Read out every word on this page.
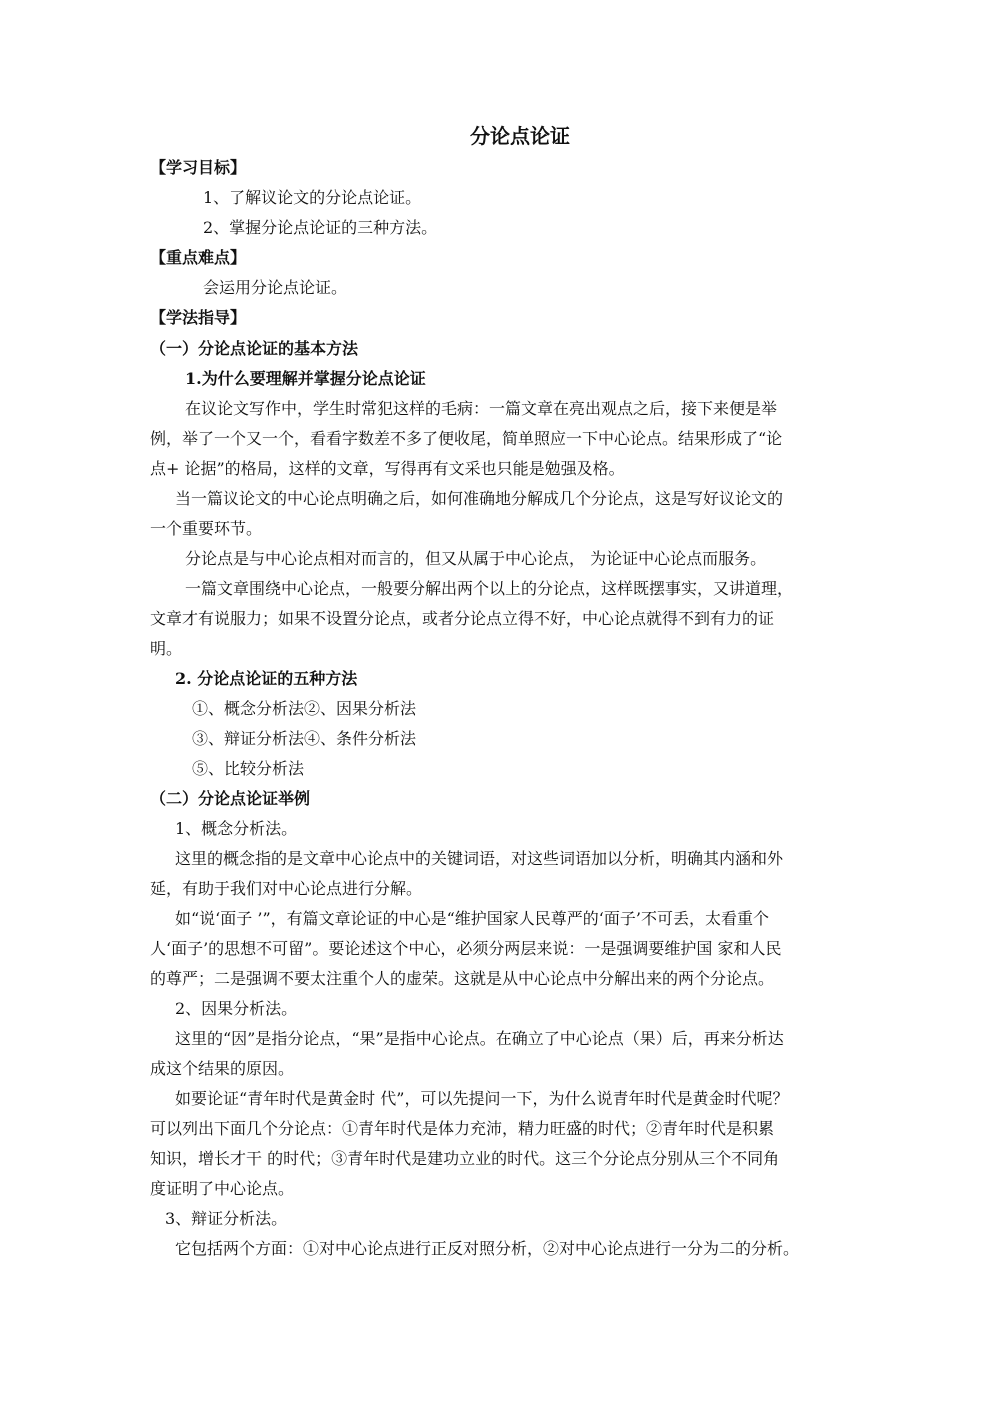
分论点论证

【学习目标】

1、了解议论文的分论点论证。

2、掌握分论点论证的三种方法。

【重点难点】

会运用分论点论证。

【学法指导】

（一）分论点论证的基本方法

1.为什么要理解并掌握分论点论证

在议论文写作中，学生时常犯这样的毛病：一篇文章在亮出观点之后，接下来便是举

例，举了一个又一个，看看字数差不多了便收尾，简单照应一下中心论点。结果形成了“论

点+ 论据”的格局，这样的文章，写得再有文采也只能是勉强及格。

当一篇议论文的中心论点明确之后，如何准确地分解成几个分论点，这是写好议论文的

一个重要环节。

分论点是与中心论点相对而言的，但又从属于中心论点， 为论证中心论点而服务。

一篇文章围绕中心论点，一般要分解出两个以上的分论点，这样既摆事实，又讲道理，

文章才有说服力；如果不设置分论点，或者分论点立得不好，中心论点就得不到有力的证

明。

2. 分论点论证的五种方法

①、概念分析法②、因果分析法

③、辩证分析法④、条件分析法

⑤、比较分析法

（二）分论点论证举例

1、概念分析法。

这里的概念指的是文章中心论点中的关键词语，对这些词语加以分析，明确其内涵和外

延，有助于我们对中心论点进行分解。

如“说‘面子 ’”，有篇文章论证的中心是“维护国家人民尊严的‘面子’不可丢，太看重个

人‘面子’的思想不可留”。要论述这个中心，必须分两层来说：一是强调要维护国 家和人民

的尊严；二是强调不要太注重个人的虚荣。这就是从中心论点中分解出来的两个分论点。

2、因果分析法。

这里的“因”是指分论点，“果”是指中心论点。在确立了中心论点（果）后，再来分析达

成这个结果的原因。

如要论证“青年时代是黄金时 代”，可以先提问一下，为什么说青年时代是黄金时代呢？

可以列出下面几个分论点：①青年时代是体力充沛，精力旺盛的时代；②青年时代是积累

知识，增长才干 的时代；③青年时代是建功立业的时代。这三个分论点分别从三个不同角

度证明了中心论点。

3、辩证分析法。

它包括两个方面：①对中心论点进行正反对照分析，②对中心论点进行一分为二的分析。
